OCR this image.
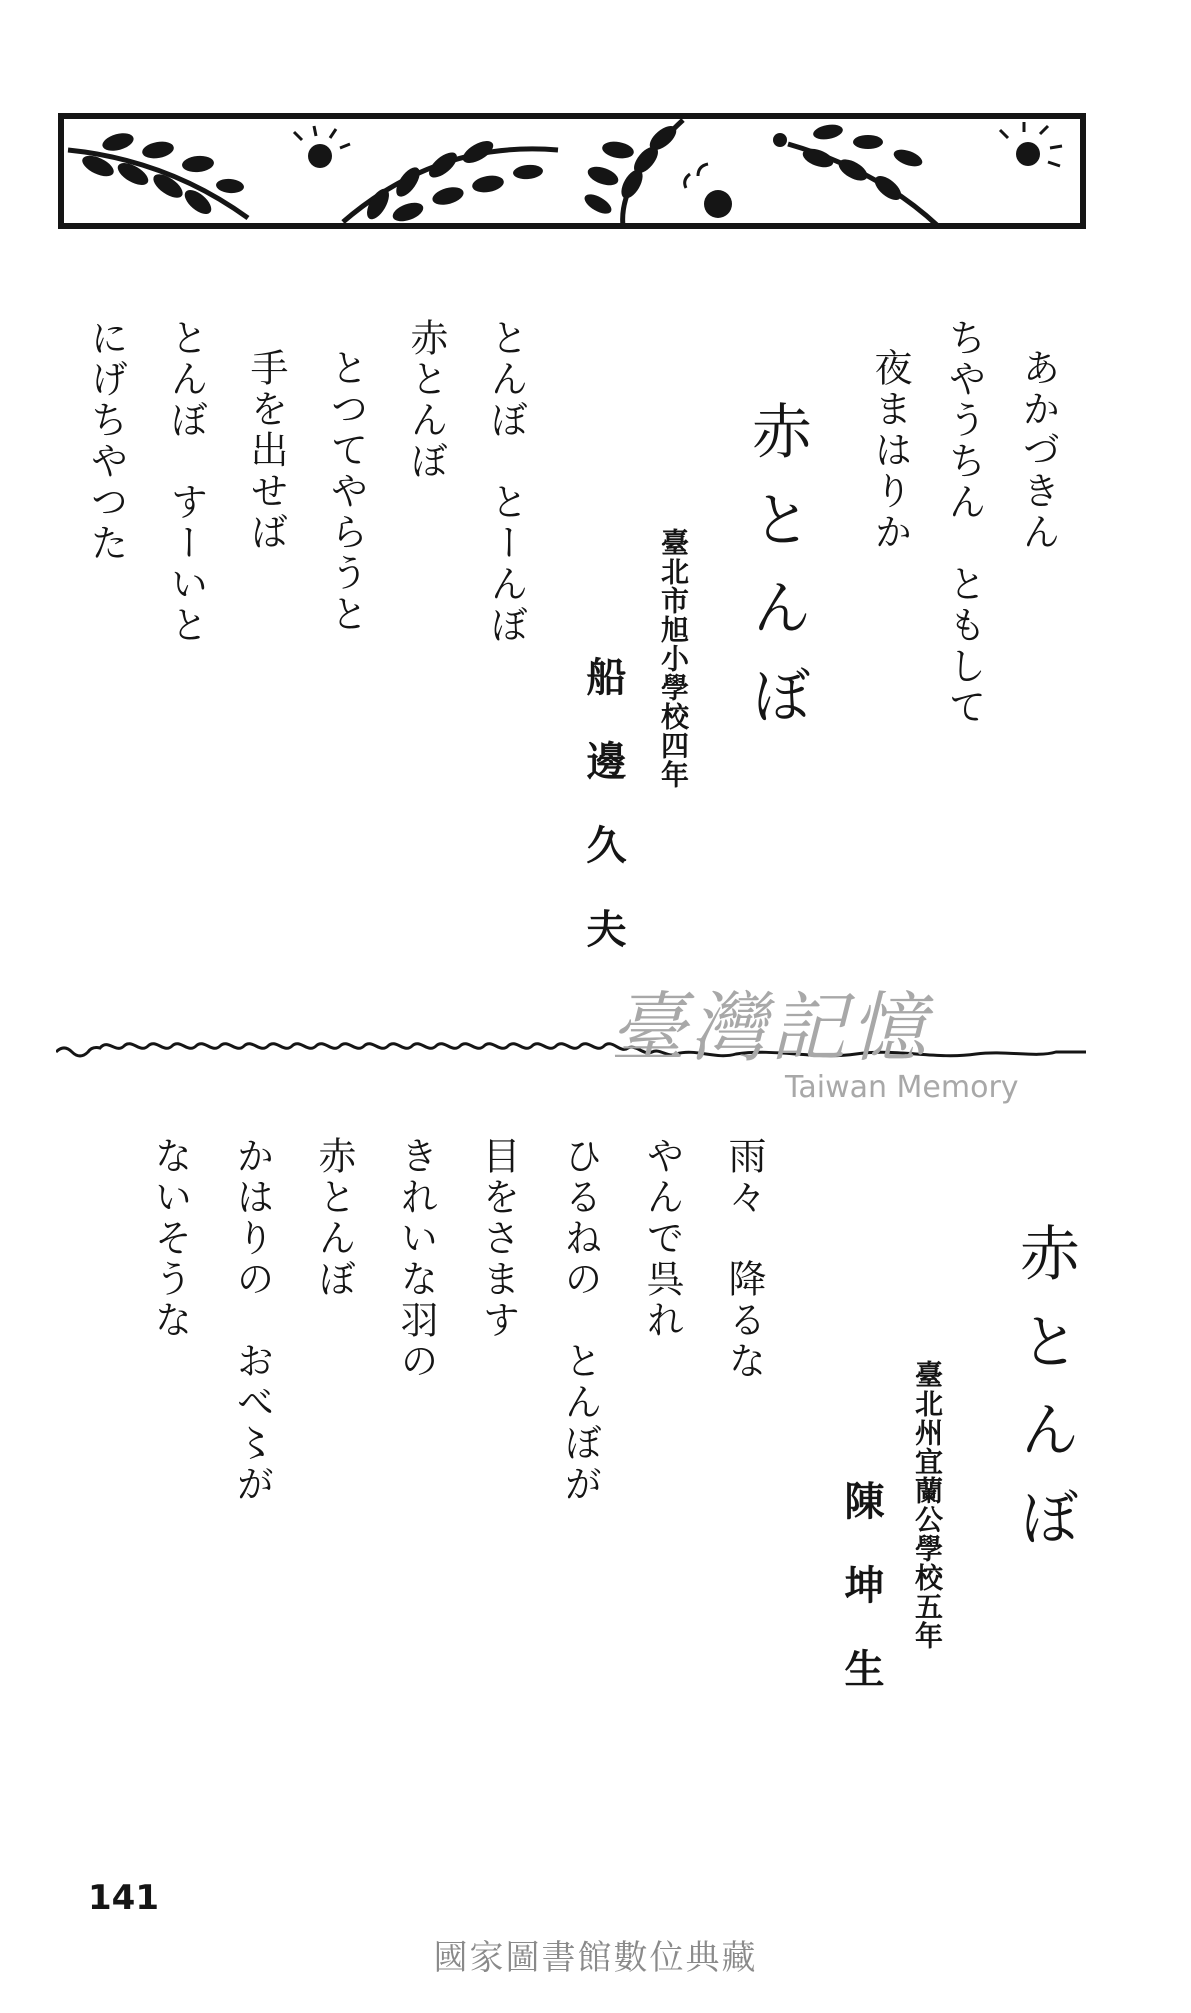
あかづきん
ちやうちん　ともして
夜まはりか
赤とんぼ
臺北市旭小學校四年
船邊久夫
とんぼ　とーんぼ
赤とんぼ
とつてやらうと
手を出せば
とんぼ　すーいと
にげちやつた
臺灣記憶
Taiwan Memory
赤とんぼ
臺北州宜蘭公學校五年
陳坤生
雨々　降るな
やんで呉れ
ひるねの　とんぼが
目をさます
きれいな羽の
赤とんぼ
かはりの　おべ〻が
ないそうな
141
國家圖書館數位典藏
